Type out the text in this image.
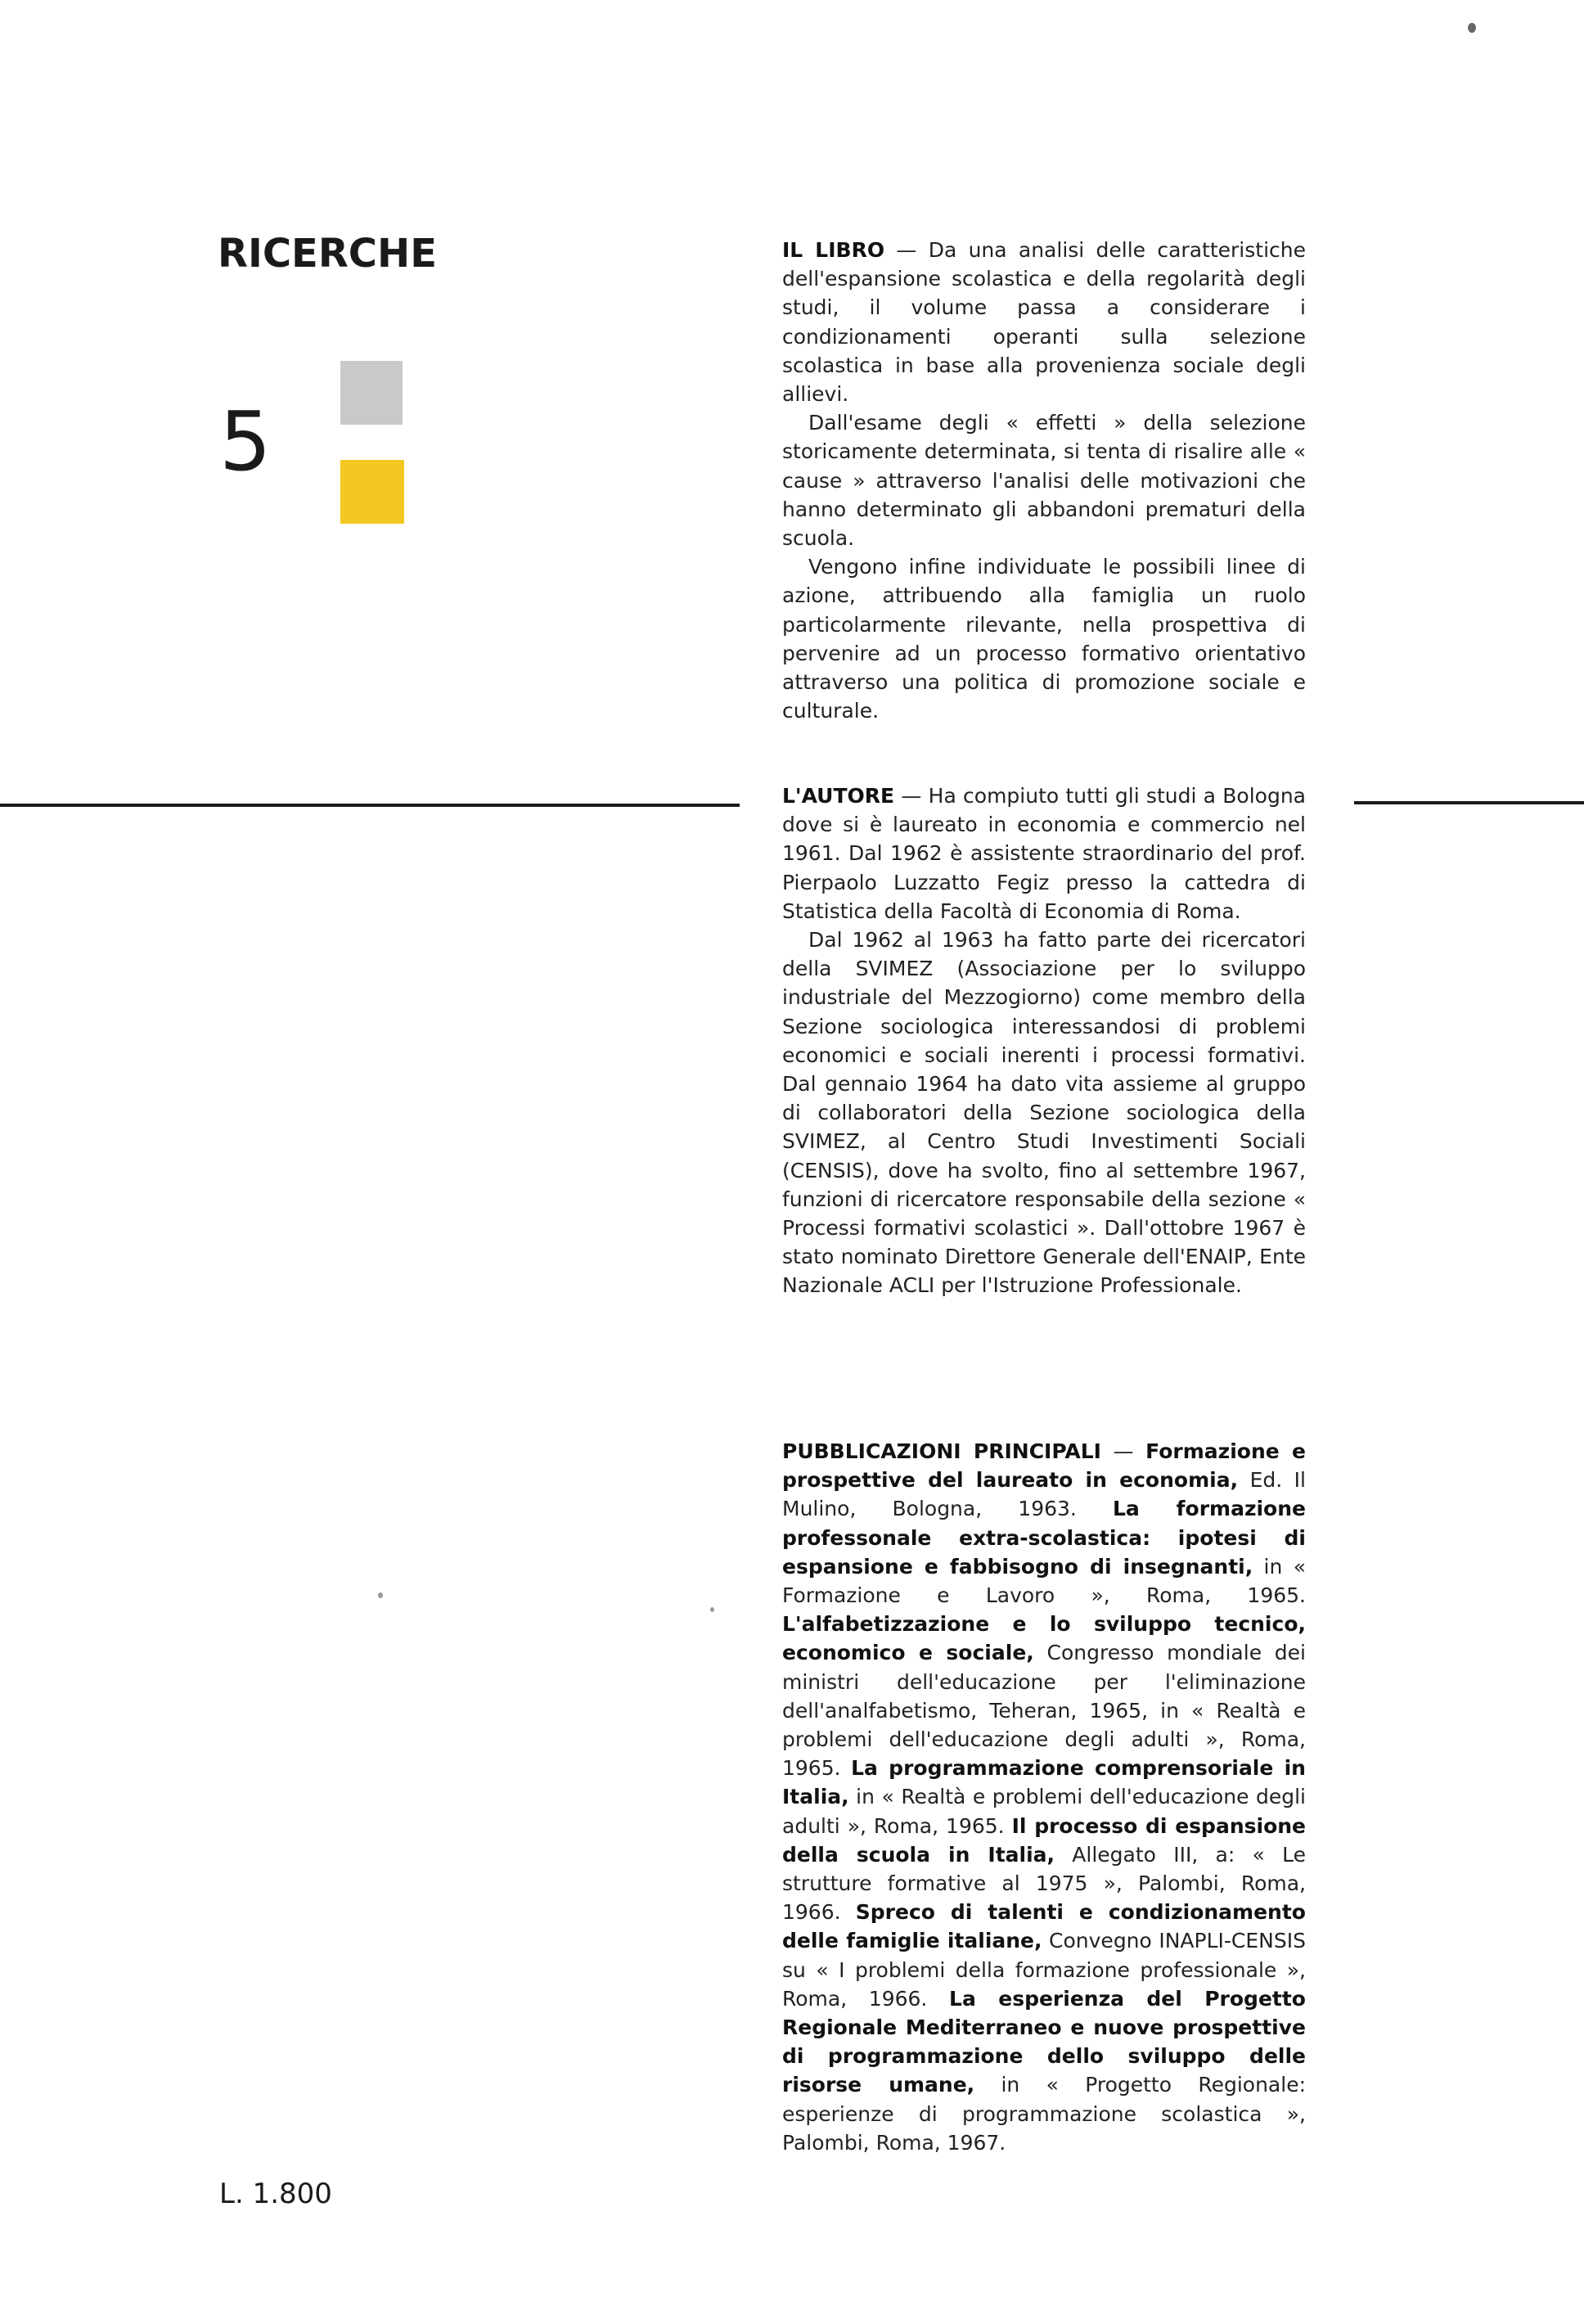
RICERCHE
5

IL LIBRO — Da una analisi delle caratteristiche dell'espansione scolastica e della regolarità degli studi, il volume passa a considerare i condizionamenti operanti sulla selezione scolastica in base alla provenienza sociale degli allievi.

Dall'esame degli « effetti » della selezione storicamente determinata, si tenta di risalire alle « cause » attraverso l'analisi delle motivazioni che hanno determinato gli abbandoni prematuri della scuola.

Vengono infine individuate le possibili linee di azione, attribuendo alla famiglia un ruolo particolarmente rilevante, nella prospettiva di pervenire ad un processo formativo orientativo attraverso una politica di promozione sociale e culturale.

L'AUTORE — Ha compiuto tutti gli studi a Bologna dove si è laureato in economia e commercio nel 1961. Dal 1962 è assistente straordinario del prof. Pierpaolo Luzzatto Fegiz presso la cattedra di Statistica della Facoltà di Economia di Roma.

Dal 1962 al 1963 ha fatto parte dei ricercatori della SVIMEZ (Associazione per lo sviluppo industriale del Mezzogiorno) come membro della Sezione sociologica interessandosi di problemi economici e sociali inerenti i processi formativi. Dal gennaio 1964 ha dato vita assieme al gruppo di collaboratori della Sezione sociologica della SVIMEZ, al Centro Studi Investimenti Sociali (CENSIS), dove ha svolto, fino al settembre 1967, funzioni di ricercatore responsabile della sezione « Processi formativi scolastici ». Dall'ottobre 1967 è stato nominato Direttore Generale dell'ENAIP, Ente Nazionale ACLI per l'Istruzione Professionale.

PUBBLICAZIONI PRINCIPALI — Formazione e prospettive del laureato in economia, Ed. Il Mulino, Bologna, 1963. La formazione professonale extra-scolastica: ipotesi di espansione e fabbisogno di insegnanti, in « Formazione e Lavoro », Roma, 1965. L'alfabetizzazione e lo sviluppo tecnico, economico e sociale, Congresso mondiale dei ministri dell'educazione per l'eliminazione dell'analfabetismo, Teheran, 1965, in « Realtà e problemi dell'educazione degli adulti », Roma, 1965. La programmazione comprensoriale in Italia, in « Realtà e problemi dell'educazione degli adulti », Roma, 1965. Il processo di espansione della scuola in Italia, Allegato III, a: « Le strutture formative al 1975 », Palombi, Roma, 1966. Spreco di talenti e condizionamento delle famiglie italiane, Convegno INAPLI-CENSIS su « I problemi della formazione professionale », Roma, 1966. La esperienza del Progetto Regionale Mediterraneo e nuove prospettive di programmazione dello sviluppo delle risorse umane, in « Progetto Regionale: esperienze di programmazione scolastica », Palombi, Roma, 1967.

L. 1.800
